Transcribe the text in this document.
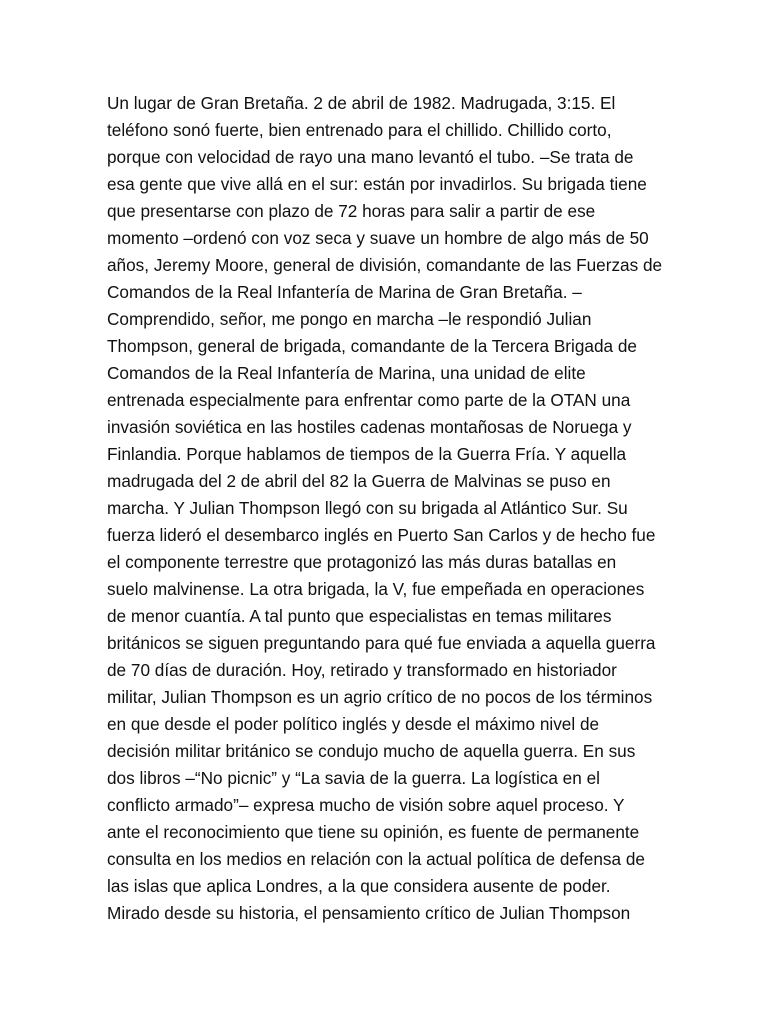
Un lugar de Gran Bretaña. 2 de abril de 1982. Madrugada, 3:15. El
teléfono sonó fuerte, bien entrenado para el chillido. Chillido corto,
porque con velocidad de rayo una mano levantó el tubo. –Se trata de
esa gente que vive allá en el sur: están por invadirlos. Su brigada tiene
que presentarse con plazo de 72 horas para salir a partir de ese
momento –ordenó con voz seca y suave un hombre de algo más de 50
años, Jeremy Moore, general de división, comandante de las Fuerzas de
Comandos de la Real Infantería de Marina de Gran Bretaña. –
Comprendido, señor, me pongo en marcha –le respondió Julian
Thompson, general de brigada, comandante de la Tercera Brigada de
Comandos de la Real Infantería de Marina, una unidad de elite
entrenada especialmente para enfrentar como parte de la OTAN una
invasión soviética en las hostiles cadenas montañosas de Noruega y
Finlandia. Porque hablamos de tiempos de la Guerra Fría. Y aquella
madrugada del 2 de abril del 82 la Guerra de Malvinas se puso en
marcha. Y Julian Thompson llegó con su brigada al Atlántico Sur. Su
fuerza lideró el desembarco inglés en Puerto San Carlos y de hecho fue
el componente terrestre que protagonizó las más duras batallas en
suelo malvinense. La otra brigada, la V, fue empeñada en operaciones
de menor cuantía. A tal punto que especialistas en temas militares
británicos se siguen preguntando para qué fue enviada a aquella guerra
de 70 días de duración. Hoy, retirado y transformado en historiador
militar, Julian Thompson es un agrio crítico de no pocos de los términos
en que desde el poder político inglés y desde el máximo nivel de
decisión militar británico se condujo mucho de aquella guerra. En sus
dos libros –“No picnic” y “La savia de la guerra. La logística en el
conflicto armado”– expresa mucho de visión sobre aquel proceso. Y
ante el reconocimiento que tiene su opinión, es fuente de permanente
consulta en los medios en relación con la actual política de defensa de
las islas que aplica Londres, a la que considera ausente de poder.
Mirado desde su historia, el pensamiento crítico de Julian Thompson
